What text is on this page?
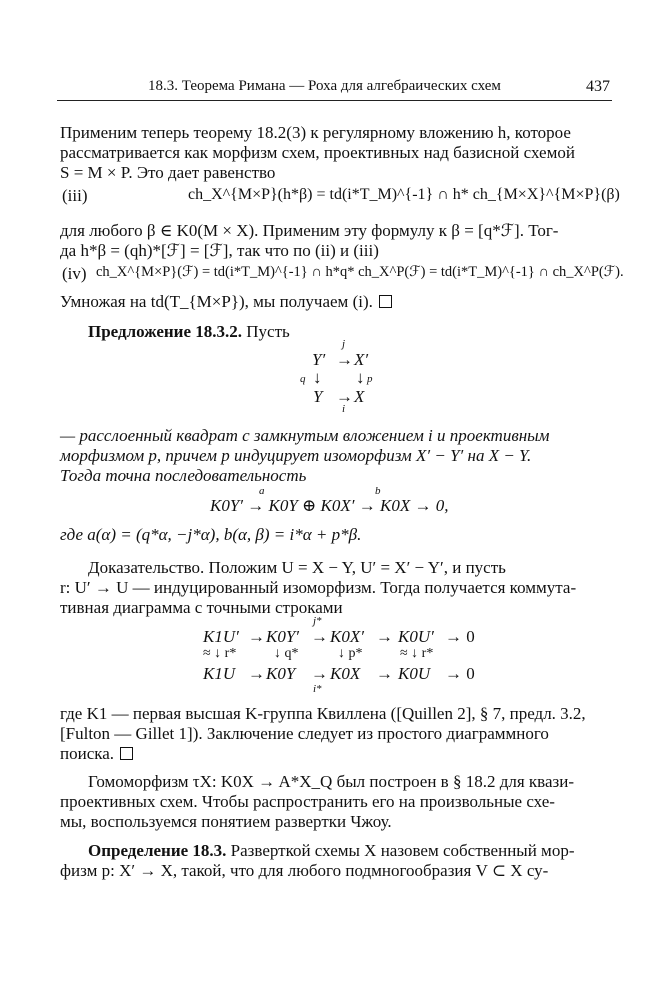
18.3. Теорема Римана — Роха для алгебраических схем	437
Применим теперь теорему 18.2(3) к регулярному вложению h, которое
рассматривается как морфизм схем, проективных над базисной схемой
S = M × P. Это дает равенство
(iii)	ch_X^{M×P}(h*β) = td(i*T_M)^{-1} ∩ h* ch_{M×X}^{M×P}(β)
для любого β ∈ K0(M × X). Применим эту формулу к β = [q*ℱ]. Тог-
да h*β = (qh)*[ℱ] = [ℱ], так что по (ii) и (iii)
(iv) ch_X^{M×P}(ℱ) = td(i*T_M)^{-1} ∩ h*q* ch_X^P(ℱ) = td(i*T_M)^{-1} ∩ ch_X^P(ℱ).
Умножая на td(T_{M×P}), мы получаем (i).
Предложение 18.3.2. Пусть
j
Y′ → X′
q ↓ ↓ p
Y → X
i
— расслоенный квадрат с замкнутым вложением i и проективным
морфизмом p, причем p индуцирует изоморфизм X′ − Y′ на X − Y.
Тогда точна последовательность
a	b
K0Y′ → K0Y ⊕ K0X′ → K0X → 0,
где a(α) = (q*α, −j*α), b(α, β) = i*α + p*β.
Доказательство. Положим U = X − Y, U′ = X′ − Y′, и пусть
r: U′ → U — индуцированный изоморфизм. Тогда получается коммута-
тивная диаграмма с точными строками
j*
K1U′ → K0Y′ → K0X′ → K0U′ → 0
≈ ↓ r*	↓ q*	↓ p*	≈ ↓ r*
K1U → K0Y → K0X → K0U → 0
i*
где K1 — первая высшая K-группа Квиллена ([Quillen 2], § 7, предл. 3.2,
[Fulton — Gillet 1]). Заключение следует из простого диаграммного
поиска.
Гомоморфизм τX: K0X → A*X_Q был построен в § 18.2 для квази-
проективных схем. Чтобы распространить его на произвольные схе-
мы, воспользуемся понятием развертки Чжоу.
Определение 18.3. Разверткой схемы X назовем собственный мор-
физм p: X′ → X, такой, что для любого подмногообразия V ⊂ X су-
